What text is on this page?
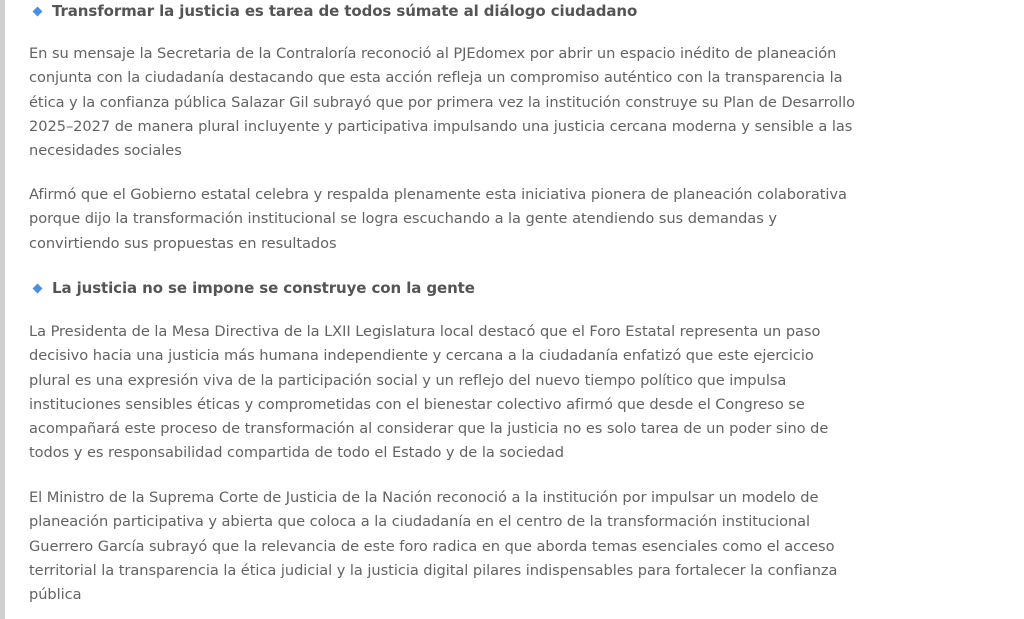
Transformar la justicia es tarea de todos súmate al diálogo ciudadano

En su mensaje la Secretaria de la Contraloría reconoció al PJEdomex por abrir un espacio inédito de planeación
conjunta con la ciudadanía destacando que esta acción refleja un compromiso auténtico con la transparencia la
ética y la confianza pública Salazar Gil subrayó que por primera vez la institución construye su Plan de Desarrollo
2025–2027 de manera plural incluyente y participativa impulsando una justicia cercana moderna y sensible a las
necesidades sociales

Afirmó que el Gobierno estatal celebra y respalda plenamente esta iniciativa pionera de planeación colaborativa
porque dijo la transformación institucional se logra escuchando a la gente atendiendo sus demandas y
convirtiendo sus propuestas en resultados

La justicia no se impone se construye con la gente

La Presidenta de la Mesa Directiva de la LXII Legislatura local destacó que el Foro Estatal representa un paso
decisivo hacia una justicia más humana independiente y cercana a la ciudadanía enfatizó que este ejercicio
plural es una expresión viva de la participación social y un reflejo del nuevo tiempo político que impulsa
instituciones sensibles éticas y comprometidas con el bienestar colectivo afirmó que desde el Congreso se
acompañará este proceso de transformación al considerar que la justicia no es solo tarea de un poder sino de
todos y es responsabilidad compartida de todo el Estado y de la sociedad

El Ministro de la Suprema Corte de Justicia de la Nación reconoció a la institución por impulsar un modelo de
planeación participativa y abierta que coloca a la ciudadanía en el centro de la transformación institucional
Guerrero García subrayó que la relevancia de este foro radica en que aborda temas esenciales como el acceso
territorial la transparencia la ética judicial y la justicia digital pilares indispensables para fortalecer la confianza
pública
